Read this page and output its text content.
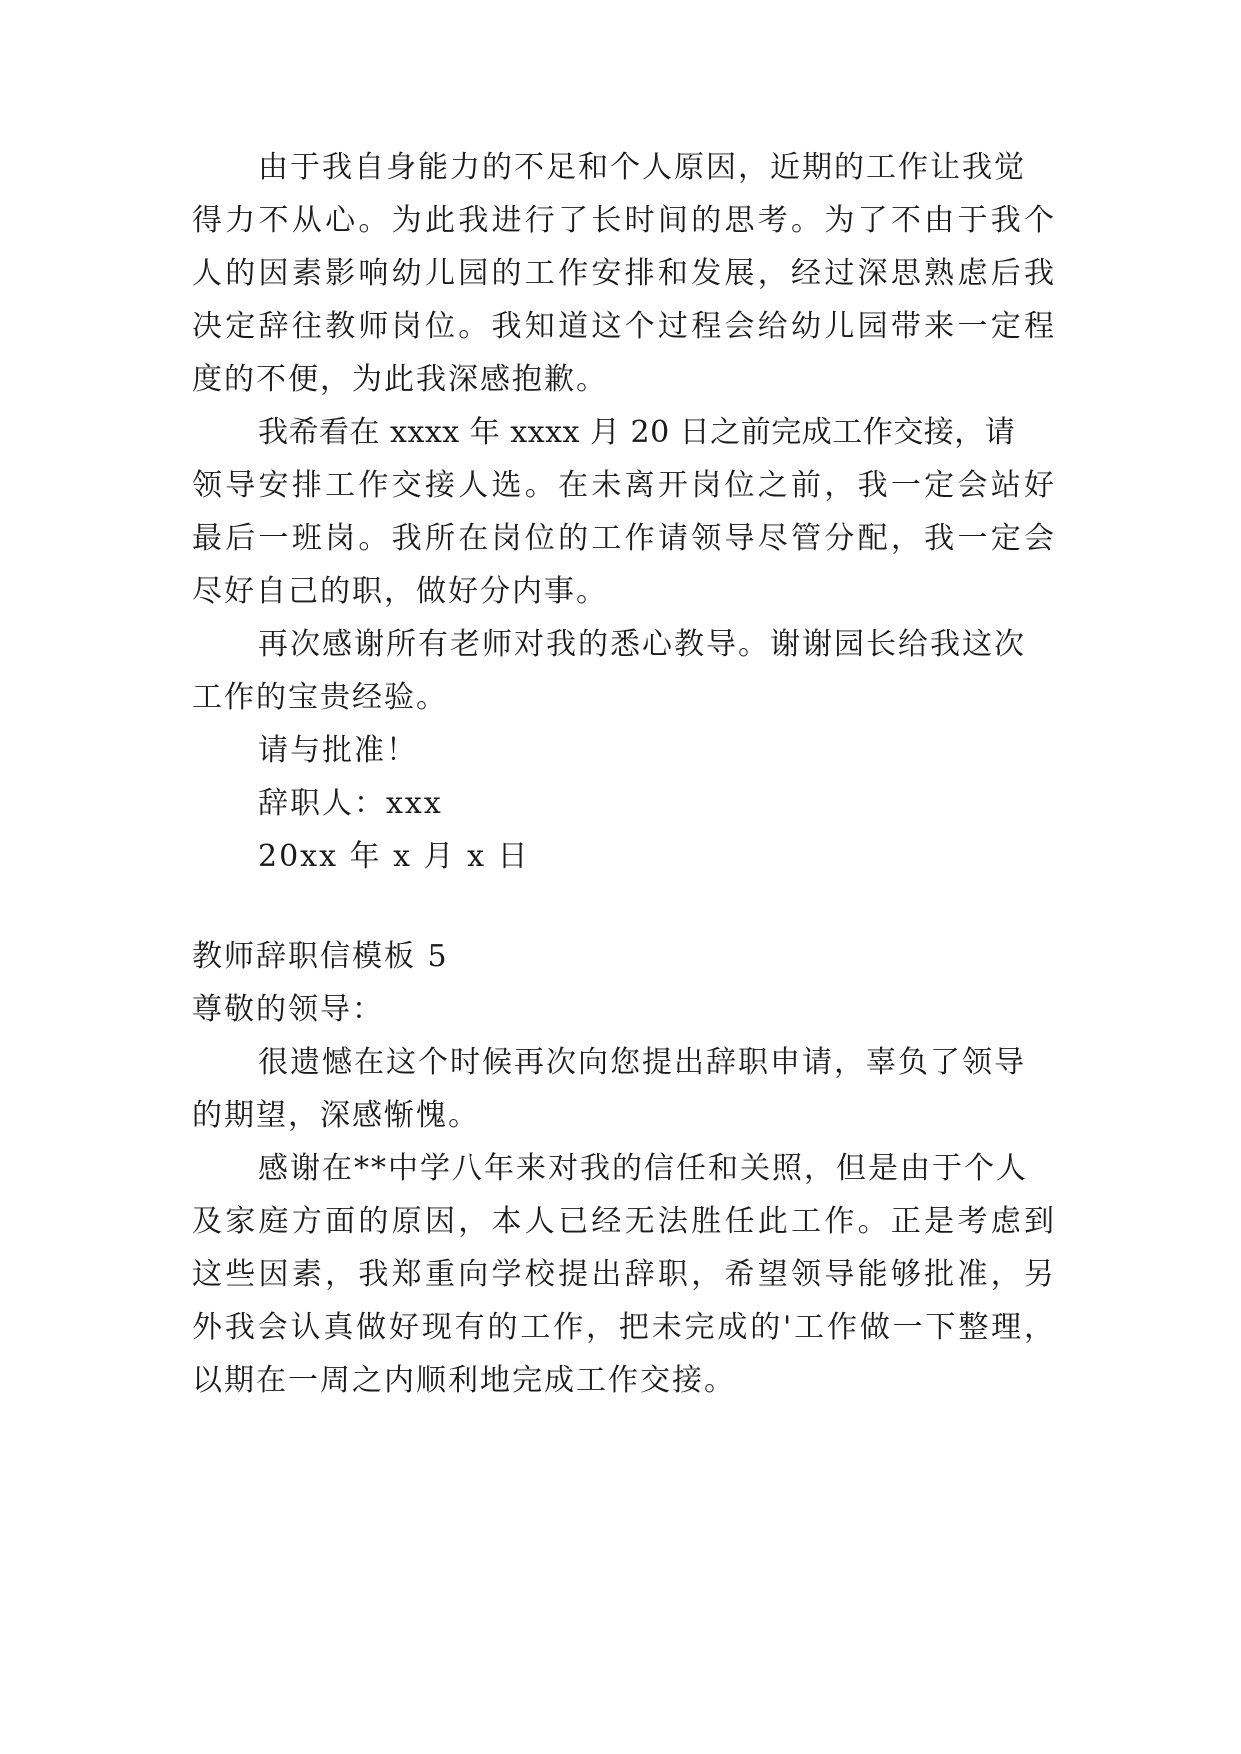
由于我自身能力的不足和个人原因，近期的工作让我觉
得力不从心。为此我进行了长时间的思考。为了不由于我个
人的因素影响幼儿园的工作安排和发展，经过深思熟虑后我
决定辞往教师岗位。我知道这个过程会给幼儿园带来一定程
度的不便，为此我深感抱歉。
我希看在 xxxx 年 xxxx 月 20 日之前完成工作交接，请
领导安排工作交接人选。在未离开岗位之前，我一定会站好
最后一班岗。我所在岗位的工作请领导尽管分配，我一定会
尽好自己的职，做好分内事。
再次感谢所有老师对我的悉心教导。谢谢园长给我这次
工作的宝贵经验。
请与批准！
辞职人：xxx
20xx 年 x 月 x 日
教师辞职信模板 5
尊敬的领导：
很遗憾在这个时候再次向您提出辞职申请，辜负了领导
的期望，深感惭愧。
感谢在**中学八年来对我的信任和关照，但是由于个人
及家庭方面的原因，本人已经无法胜任此工作。正是考虑到
这些因素，我郑重向学校提出辞职，希望领导能够批准，另
外我会认真做好现有的工作，把未完成的'工作做一下整理，
以期在一周之内顺利地完成工作交接。
